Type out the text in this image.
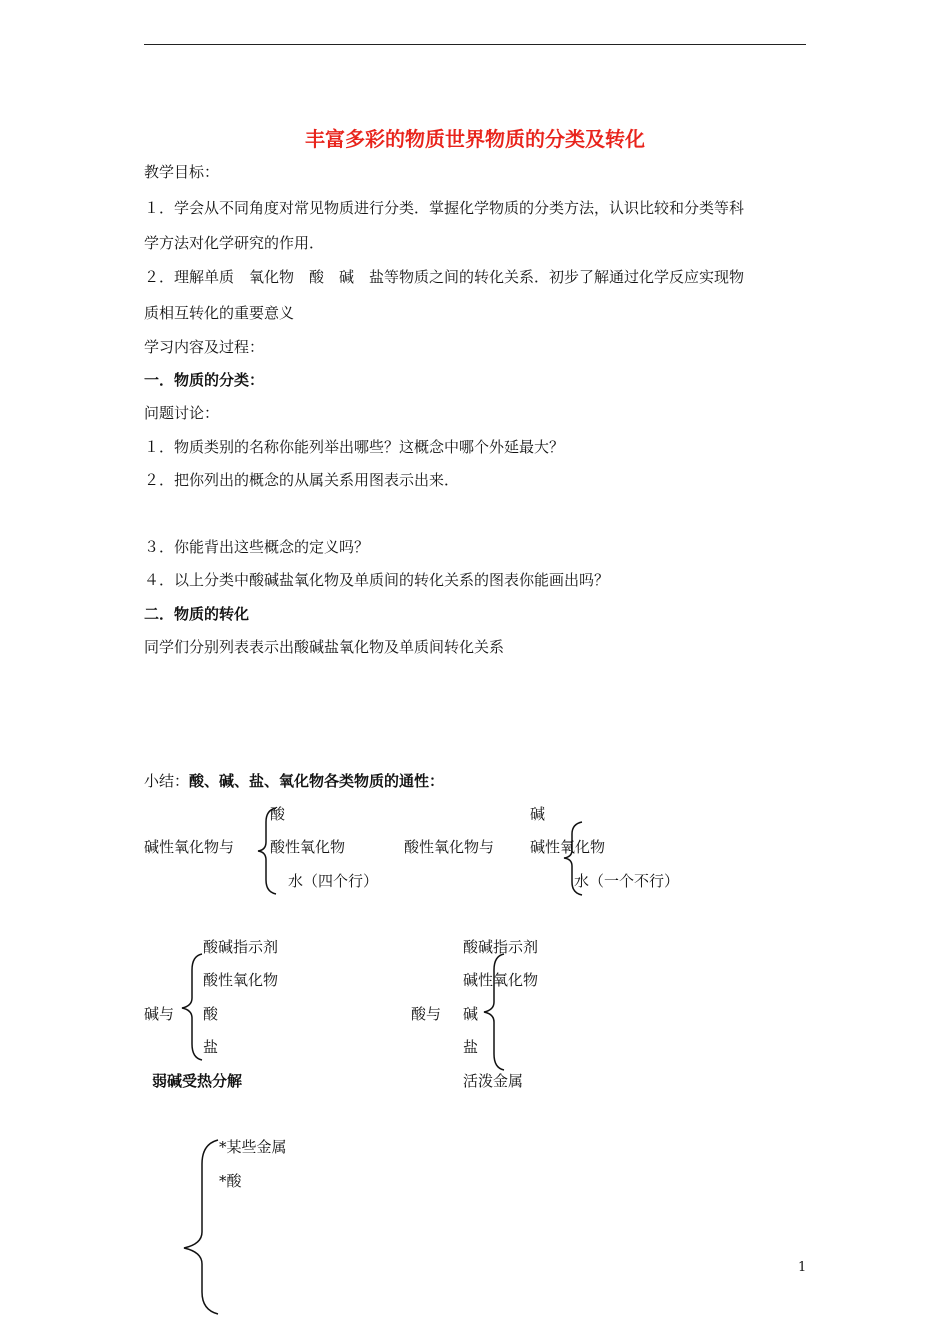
丰富多彩的物质世界物质的分类及转化
教学目标：
１．学会从不同角度对常见物质进行分类．掌握化学物质的分类方法，认识比较和分类等科
学方法对化学研究的作用．
２．理解单质　氧化物　酸　碱　盐等物质之间的转化关系．初步了解通过化学反应实现物
质相互转化的重要意义
学习内容及过程：
一．物质的分类：
问题讨论：
１．物质类别的名称你能列举出哪些？这概念中哪个外延最大？
２．把你列出的概念的从属关系用图表示出来．
３．你能背出这些概念的定义吗？
４．以上分类中酸碱盐氧化物及单质间的转化关系的图表你能画出吗？
二．物质的转化
同学们分别列表表示出酸碱盐氧化物及单质间转化关系
小结：酸、碱、盐、氧化物各类物质的通性：
碱性氧化物与
酸
酸性氧化物
水（四个行）
酸性氧化物与
碱
碱性氧化物
水（一个不行）
碱与
酸碱指示剂
酸性氧化物
酸
盐
弱碱受热分解
酸与
酸碱指示剂
碱性氧化物
碱
盐
活泼金属
*某些金属
*酸
1
